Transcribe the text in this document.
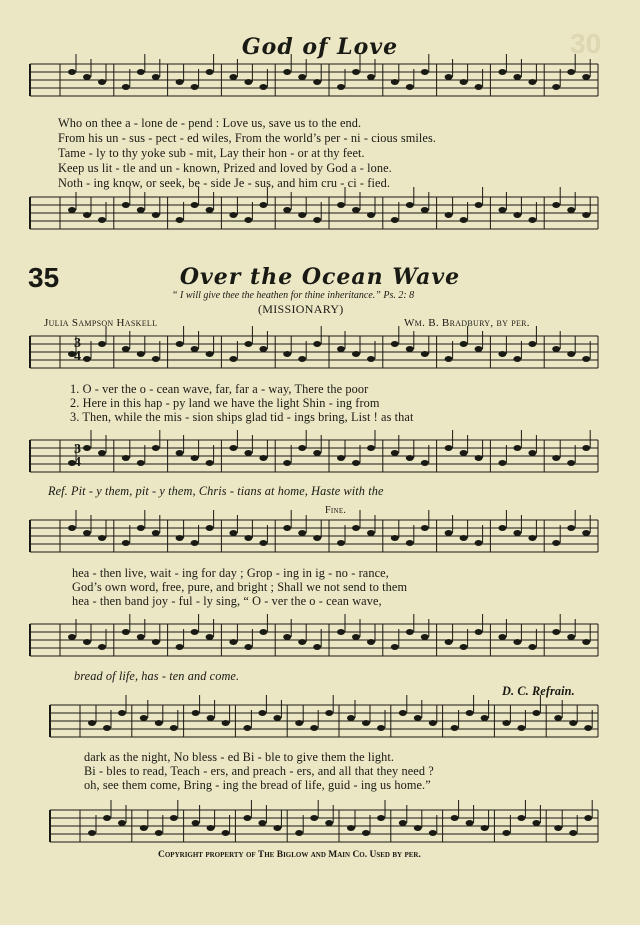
30
God of Love
Who on thee a - lone de - pend : Love us, save us to the end.
From his un - sus - pect - ed wiles, From the world’s per - ni - cious smiles.
Tame - ly to thy yoke sub - mit, Lay their hon - or at thy feet.
Keep us lit - tle and un - known, Prized and loved by God a - lone.
Noth - ing know, or seek, be - side Je - sus, and him cru - ci - fied.
35	Over the Ocean Wave
“ I will give thee the heathen for thine inheritance.” Ps. 2: 8
(MISSIONARY)
Julia Sampson Haskell	Wm. B. Bradbury, by per.
3
4
3
4
1. O - ver the o - cean wave, far, far a - way, There the poor
2. Here in this hap - py land we have the light Shin - ing from
3. Then, while the mis - sion ships glad tid - ings bring, List ! as that
Ref. Pit - y them, pit - y them, Chris - tians at home, Haste with the
Fine.
hea - then live, wait - ing for day ; Grop - ing in ig - no - rance,
God’s own word, free, pure, and bright ; Shall we not send to them
hea - then band joy - ful - ly sing, “ O - ver the o - cean wave,
bread of life, has - ten and come.
D. C. Refrain.
dark as the night, No bless - ed Bi - ble to give them the light.
Bi - bles to read, Teach - ers, and preach - ers, and all that they need ?
oh, see them come, Bring - ing the bread of life, guid - ing us home.”
Copyright property of The Biglow and Main Co. Used by per.
